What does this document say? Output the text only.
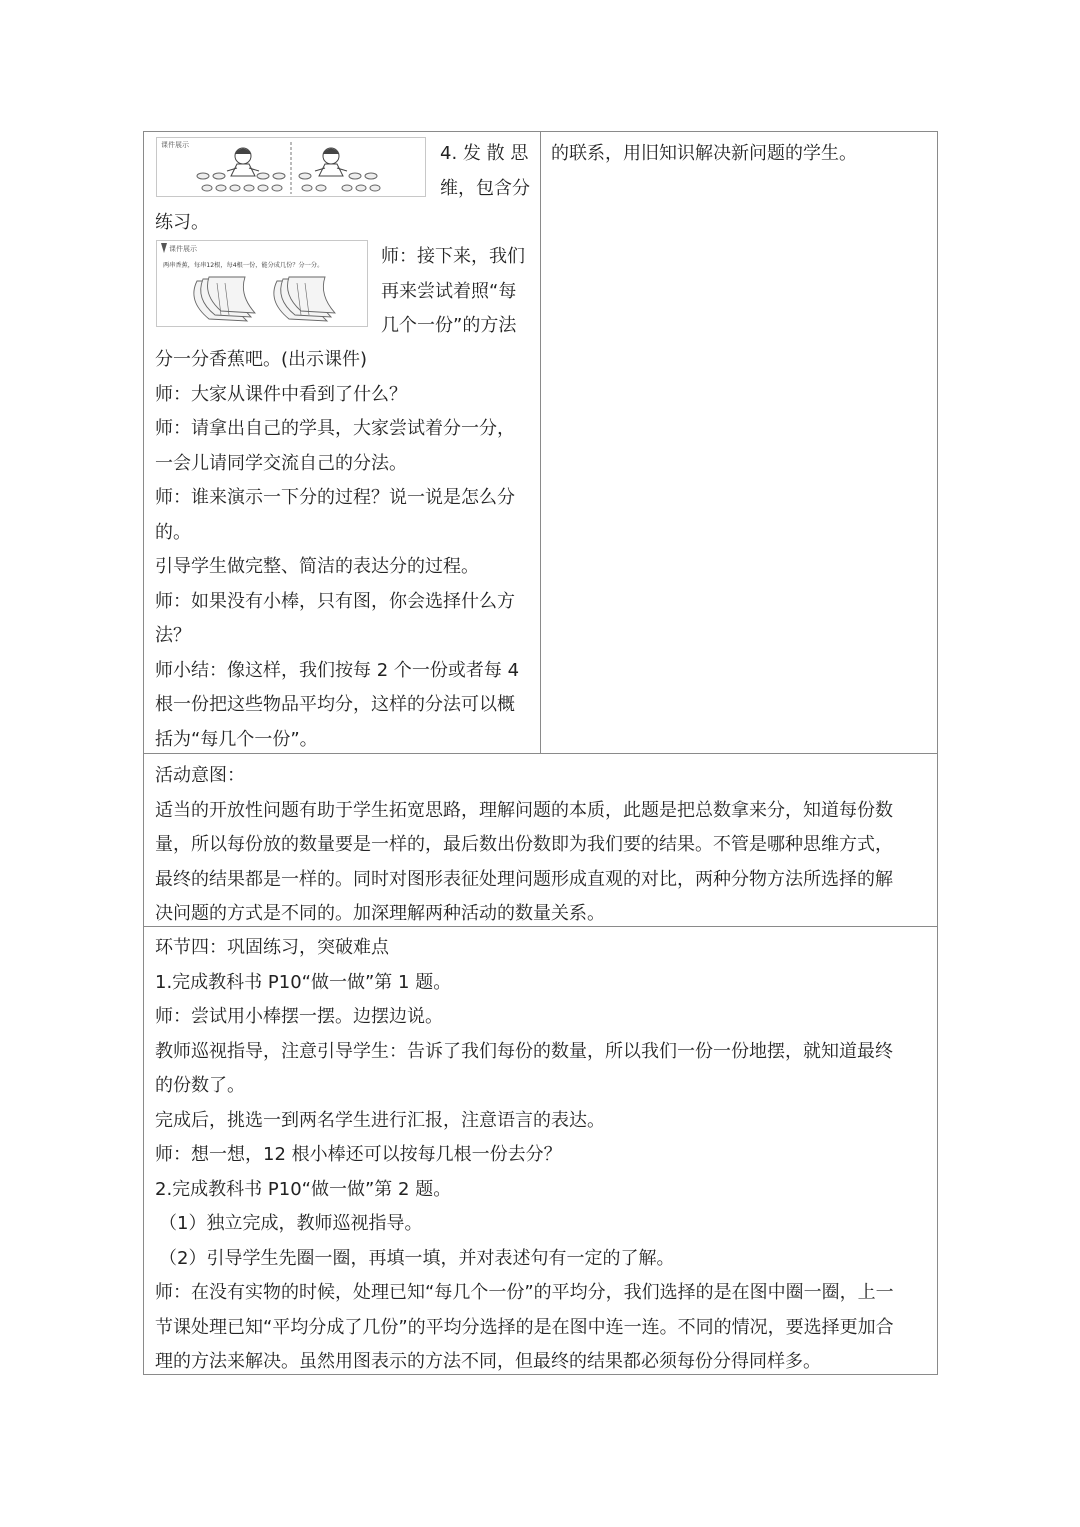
课件展示	4. 发 散 思

维，包含分

练习。

课件展示
两串香蕉，每串12根，每4根一份，能分成几份？分一分。	师：接下来，我们

再来尝试着照“每

几个一份”的方法

分一分香蕉吧。(出示课件)

师：大家从课件中看到了什么？

师：请拿出自己的学具，大家尝试着分一分，

一会儿请同学交流自己的分法。

师：谁来演示一下分的过程？说一说是怎么分

的。

引导学生做完整、简洁的表达分的过程。

师：如果没有小棒，只有图，你会选择什么方

法？

师小结：像这样，我们按每 2 个一份或者每 4

根一份把这些物品平均分，这样的分法可以概

括为“每几个一份”。

的联系，用旧知识解决新问题的学生。

活动意图：

适当的开放性问题有助于学生拓宽思路，理解问题的本质，此题是把总数拿来分，知道每份数

量，所以每份放的数量要是一样的，最后数出份数即为我们要的结果。不管是哪种思维方式，

最终的结果都是一样的。同时对图形表征处理问题形成直观的对比，两种分物方法所选择的解

决问题的方式是不同的。加深理解两种活动的数量关系。

环节四：巩固练习，突破难点

1.完成教科书 P10“做一做”第 1 题。

师：尝试用小棒摆一摆。边摆边说。

教师巡视指导，注意引导学生：告诉了我们每份的数量，所以我们一份一份地摆，就知道最终

的份数了。

完成后，挑选一到两名学生进行汇报，注意语言的表达。

师：想一想，12 根小棒还可以按每几根一份去分？

2.完成教科书 P10“做一做”第 2 题。

（1）独立完成，教师巡视指导。

（2）引导学生先圈一圈，再填一填，并对表述句有一定的了解。

师：在没有实物的时候，处理已知“每几个一份”的平均分，我们选择的是在图中圈一圈，上一

节课处理已知“平均分成了几份”的平均分选择的是在图中连一连。不同的情况，要选择更加合

理的方法来解决。虽然用图表示的方法不同，但最终的结果都必须每份分得同样多。
